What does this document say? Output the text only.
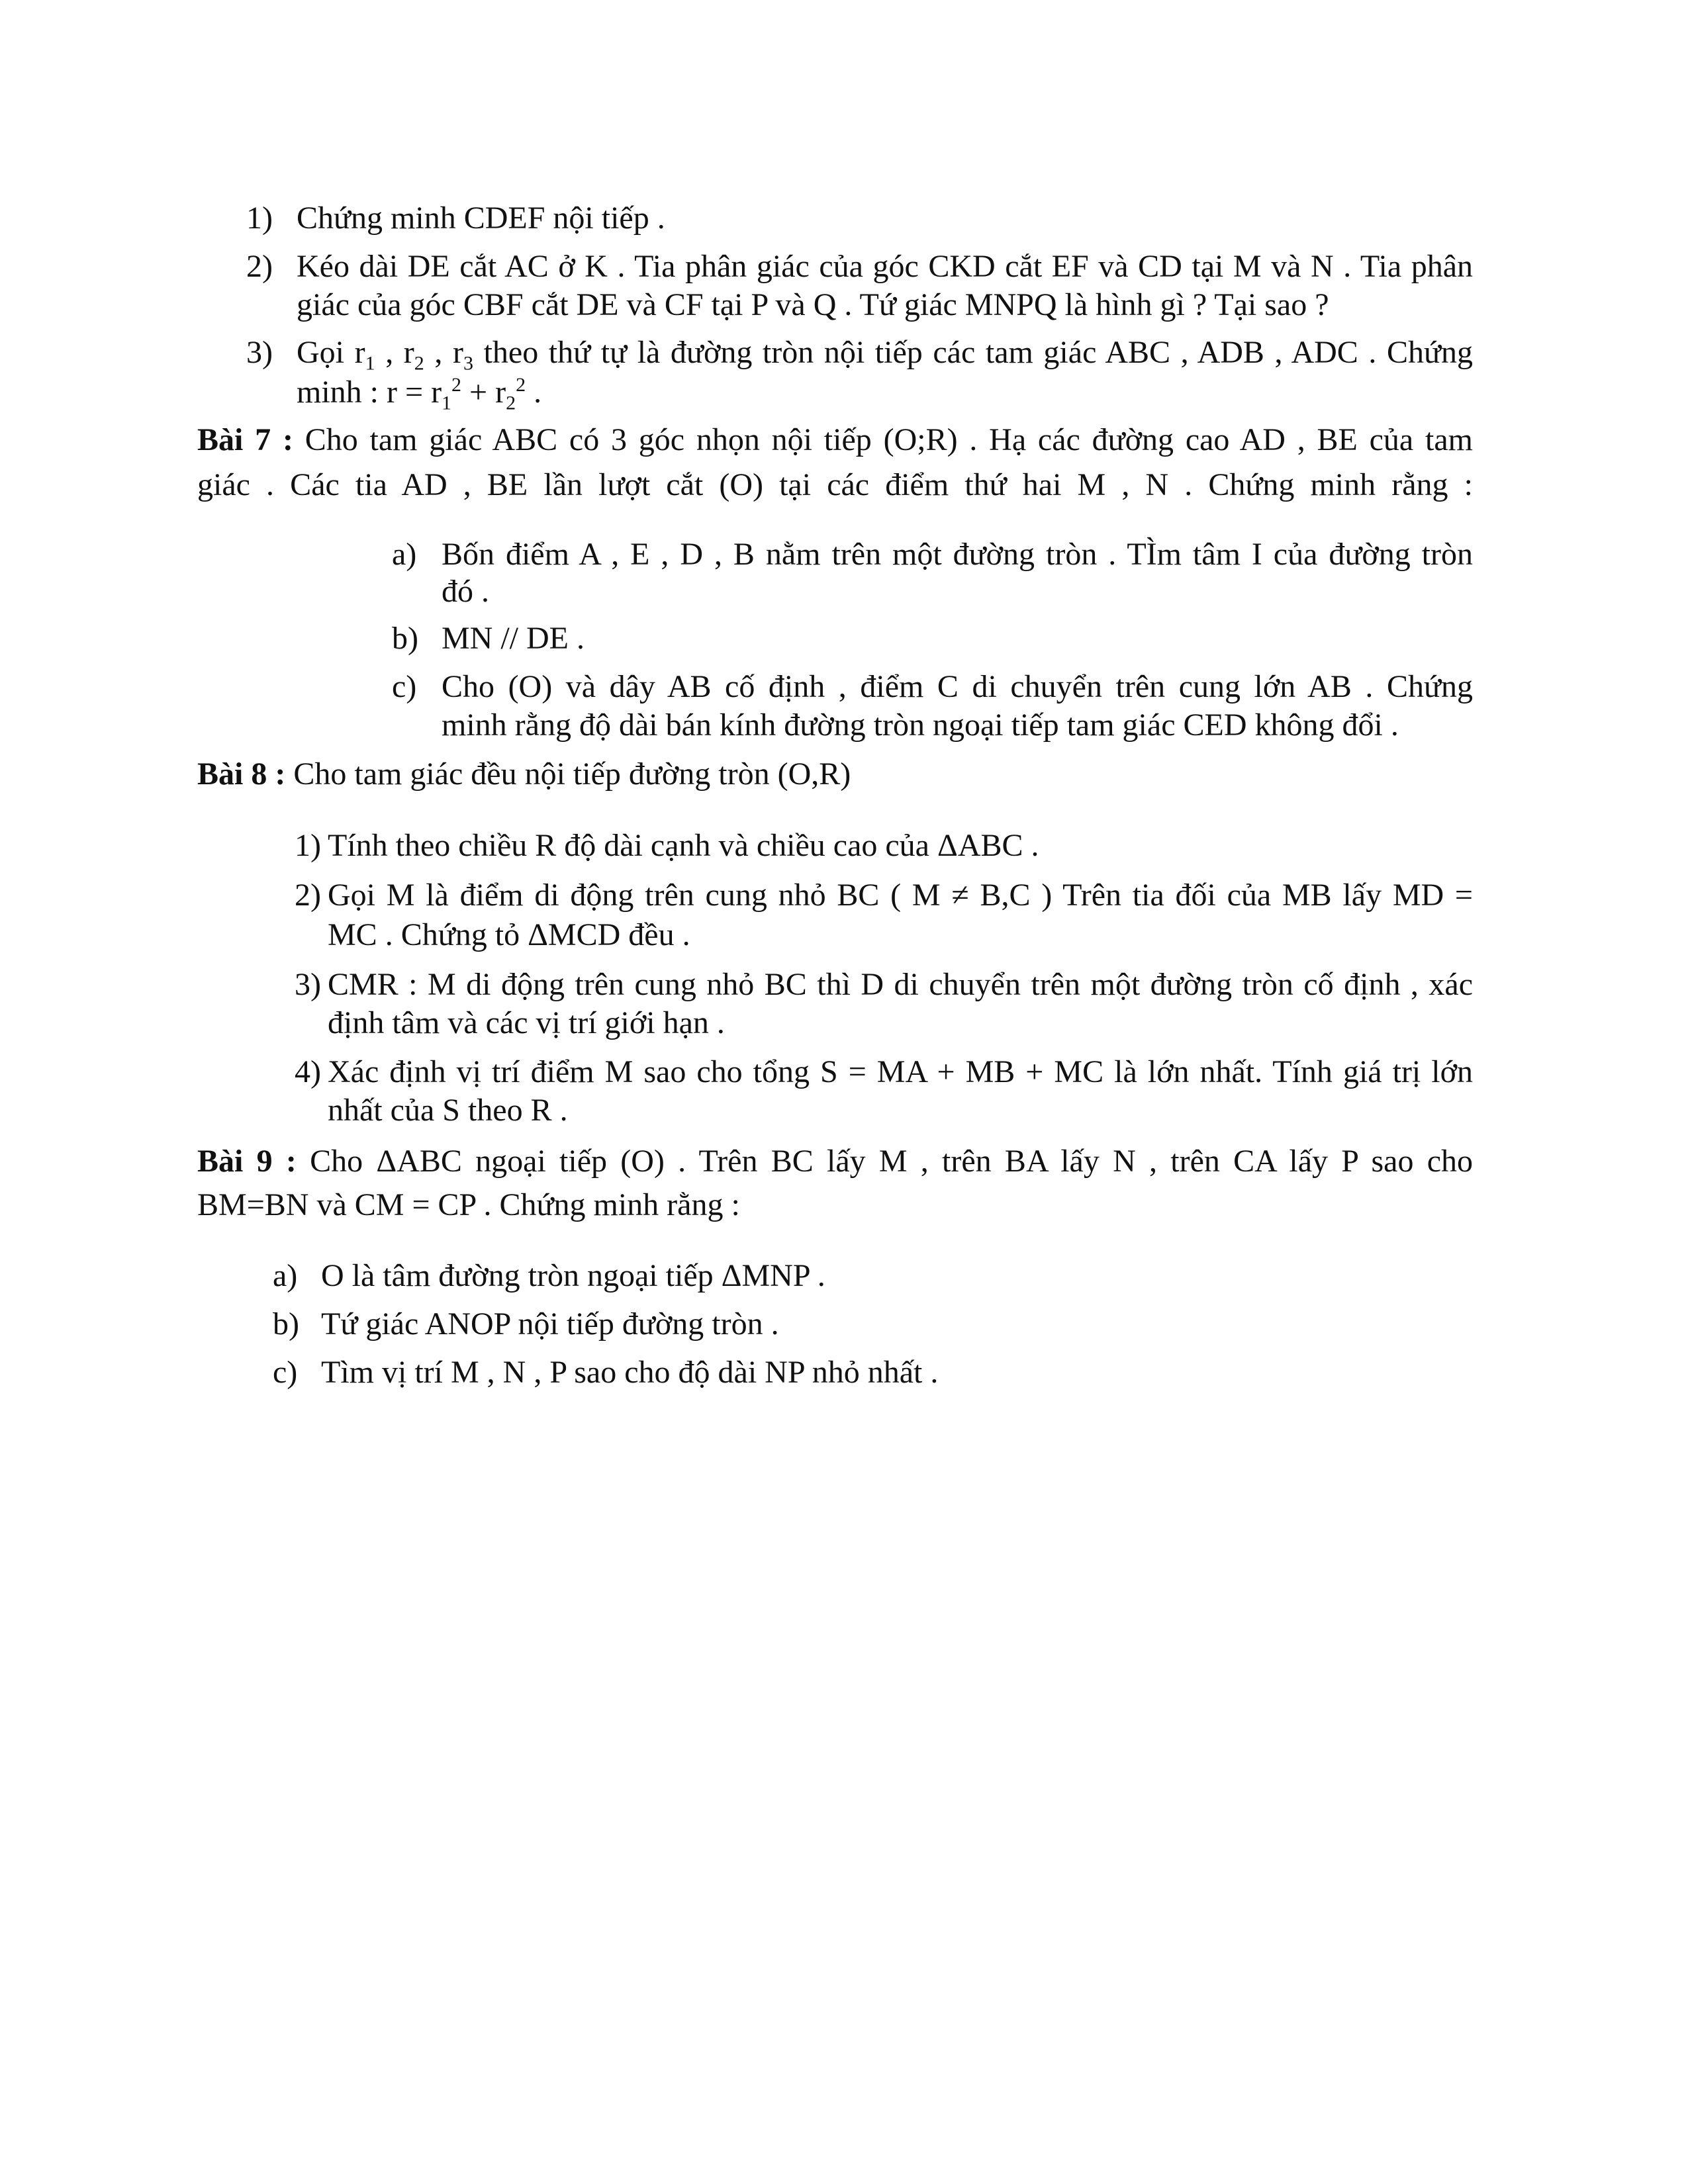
1) Chứng minh CDEF nội tiếp .
2) Kéo dài DE cắt AC ở K . Tia phân giác của góc CKD cắt EF và CD tại M và N . Tia phân
giác của góc CBF cắt DE và CF tại P và Q . Tứ giác MNPQ là hình gì ? Tại sao ?
3) Gọi $r_1$ , $r_2$ , $r_3$ theo thứ tự là đường tròn nội tiếp các tam giác ABC , ADB , ADC . Chứng
minh : $r = r_1^2 + r_2^2$ .
Bài 7 : Cho tam giác ABC có 3 góc nhọn nội tiếp (O;R) . Hạ các đường cao AD , BE của tam
giác . Các tia AD , BE lần lượt cắt (O) tại các điểm thứ hai M , N . Chứng minh rằng :
a) Bốn điểm A , E , D , B nằm trên một đường tròn . TÌm tâm I của đường tròn
đó .
b) MN // DE .
c) Cho (O) và dây AB cố định , điểm C di chuyển trên cung lớn AB . Chứng
minh rằng độ dài bán kính đường tròn ngoại tiếp tam giác CED không đổi .
Bài 8 : Cho tam giác đều nội tiếp đường tròn (O,R)
1) Tính theo chiều R độ dài cạnh và chiều cao của ΔABC .
2) Gọi M là điểm di động trên cung nhỏ BC ( M ≠ B,C ) Trên tia đối của MB lấy MD =
MC . Chứng tỏ ΔMCD đều .
3) CMR : M di động trên cung nhỏ BC thì D di chuyển trên một đường tròn cố định , xác
định tâm và các vị trí giới hạn .
4) Xác định vị trí điểm M sao cho tổng S = MA + MB + MC là lớn nhất. Tính giá trị lớn
nhất của S theo R .
Bài 9 : Cho ΔABC ngoại tiếp (O) . Trên BC lấy M , trên BA lấy N , trên CA lấy P sao cho
BM=BN và CM = CP . Chứng minh rằng :
a) O là tâm đường tròn ngoại tiếp ΔMNP .
b) Tứ giác ANOP nội tiếp đường tròn .
c) Tìm vị trí M , N , P sao cho độ dài NP nhỏ nhất .
